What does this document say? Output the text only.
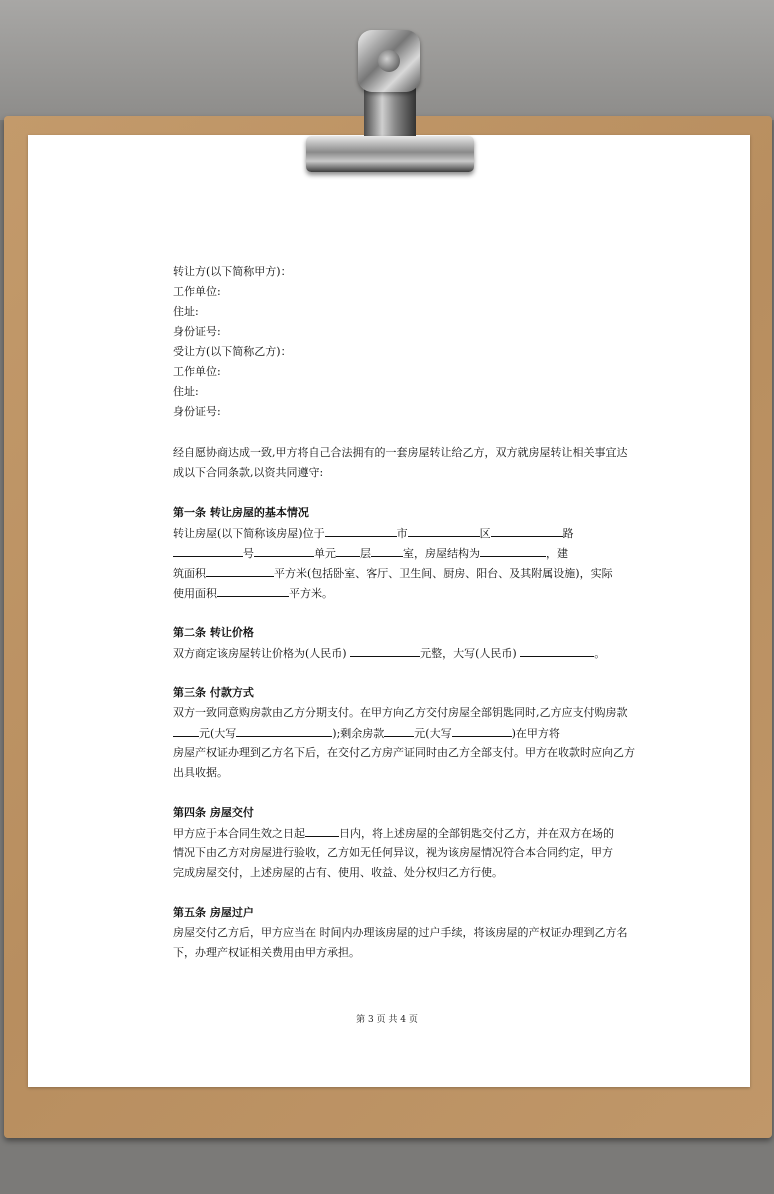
转让方(以下简称甲方)：
工作单位:
住址:
身份证号:
受让方(以下简称乙方)：
工作单位:
住址:
身份证号:
经自愿协商达成一致,甲方将自己合法拥有的一套房屋转让给乙方，双方就房屋转让相关事宜达
成以下合同条款,以资共同遵守:
第一条 转让房屋的基本情况
转让房屋(以下简称该房屋)位于	市	区	路
号	单元 层	室，房屋结构为	，建
筑面积	平方米(包括卧室、客厅、卫生间、厨房、阳台、及其附属设施)，实际
使用面积	平方米。
第二条 转让价格
双方商定该房屋转让价格为(人民币)	元整，大写(人民币)	。
第三条 付款方式
双方一致同意购房款由乙方分期支付。在甲方向乙方交付房屋全部钥匙同时,乙方应支付购房款
元(大写	);剩余房款	元(大写	)在甲方将
房屋产权证办理到乙方名下后，在交付乙方房产证同时由乙方全部支付。甲方在收款时应向乙方
出具收据。
第四条 房屋交付
甲方应于本合同生效之日起	日内，将上述房屋的全部钥匙交付乙方，并在双方在场的
情况下由乙方对房屋进行验收，乙方如无任何异议，视为该房屋情况符合本合同约定，甲方
完成房屋交付，上述房屋的占有、使用、收益、处分权归乙方行使。
第五条 房屋过户
房屋交付乙方后，甲方应当在 时间内办理该房屋的过户手续，将该房屋的产权证办理到乙方名
下，办理产权证相关费用由甲方承担。
第 3 页 共 4 页
